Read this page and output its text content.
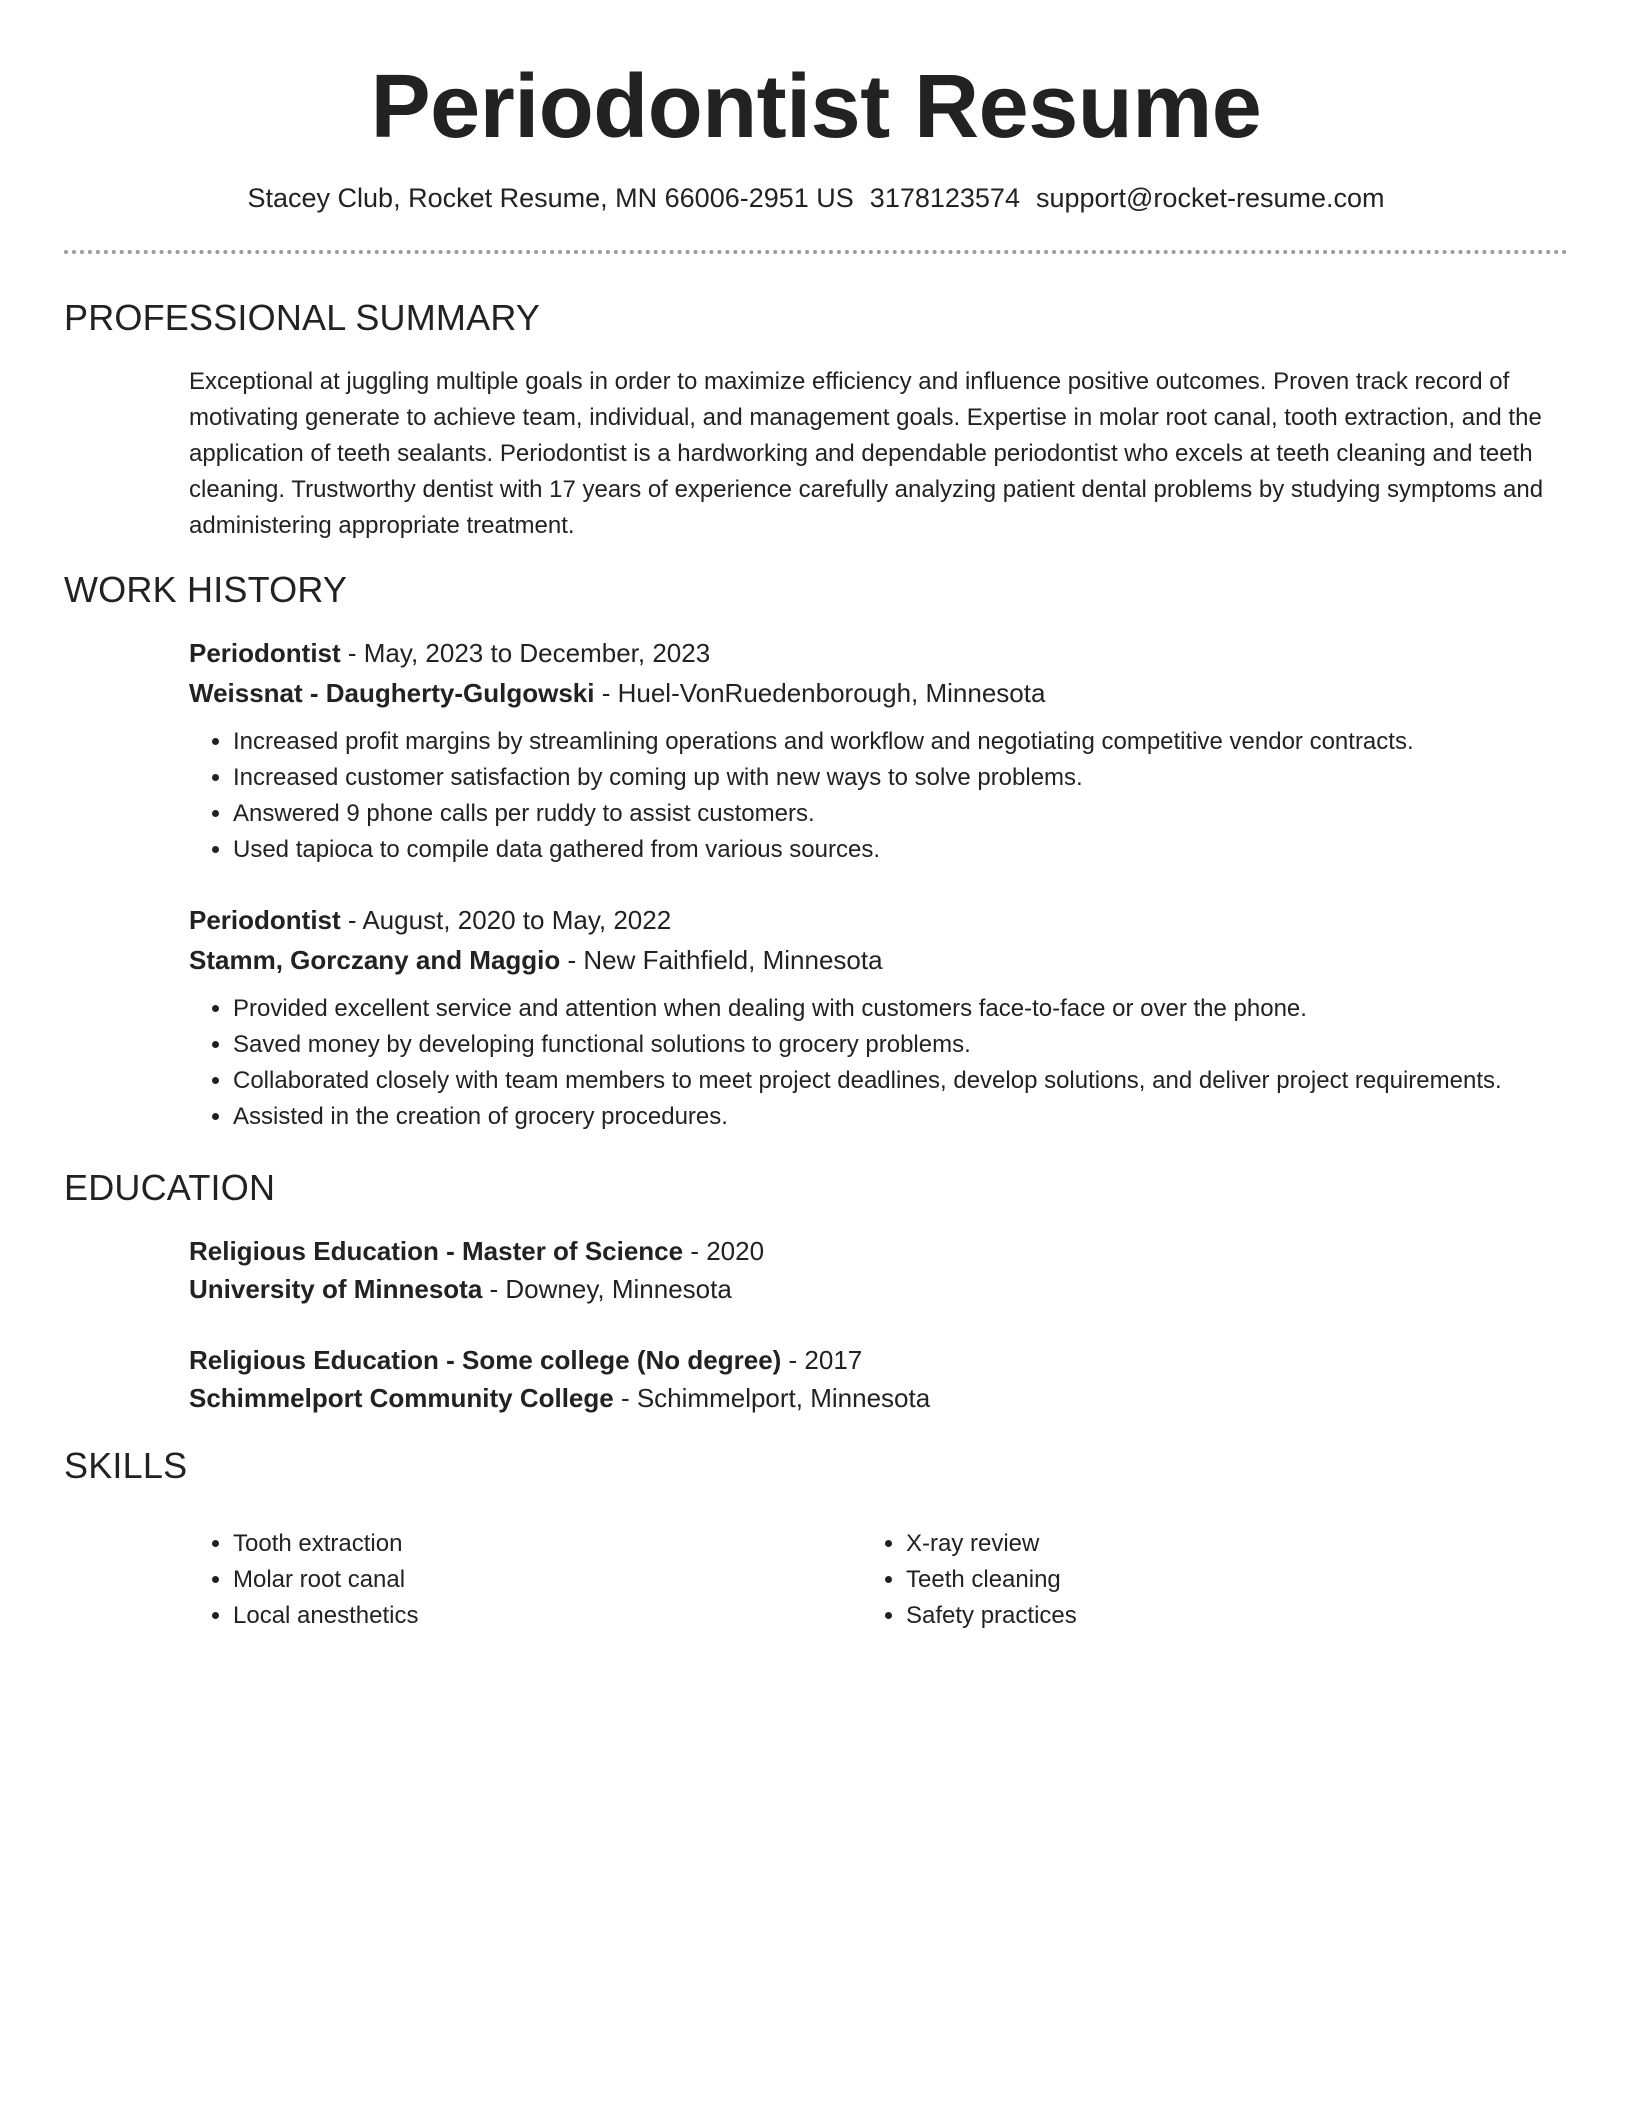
Periodontist Resume
Stacey Club, Rocket Resume, MN 66006-2951 US 3178123574 support@rocket-resume.com
PROFESSIONAL SUMMARY

Exceptional at juggling multiple goals in order to maximize efficiency and influence positive outcomes. Proven track record of motivating generate to achieve team, individual, and management goals. Expertise in molar root canal, tooth extraction, and the application of teeth sealants. Periodontist is a hardworking and dependable periodontist who excels at teeth cleaning and teeth cleaning. Trustworthy dentist with 17 years of experience carefully analyzing patient dental problems by studying symptoms and administering appropriate treatment.

WORK HISTORY
Periodontist - May, 2023 to December, 2023
Weissnat - Daugherty-Gulgowski - Huel-VonRuedenborough, Minnesota
• Increased profit margins by streamlining operations and workflow and negotiating competitive vendor contracts.
• Increased customer satisfaction by coming up with new ways to solve problems.
• Answered 9 phone calls per ruddy to assist customers.
• Used tapioca to compile data gathered from various sources.
Periodontist - August, 2020 to May, 2022
Stamm, Gorczany and Maggio - New Faithfield, Minnesota
• Provided excellent service and attention when dealing with customers face-to-face or over the phone.
• Saved money by developing functional solutions to grocery problems.
• Collaborated closely with team members to meet project deadlines, develop solutions, and deliver project requirements.
• Assisted in the creation of grocery procedures.
EDUCATION
Religious Education - Master of Science - 2020
University of Minnesota - Downey, Minnesota
Religious Education - Some college (No degree) - 2017
Schimmelport Community College - Schimmelport, Minnesota
SKILLS
• Tooth extraction
• Molar root canal
• Local anesthetics
• X-ray review
• Teeth cleaning
• Safety practices
